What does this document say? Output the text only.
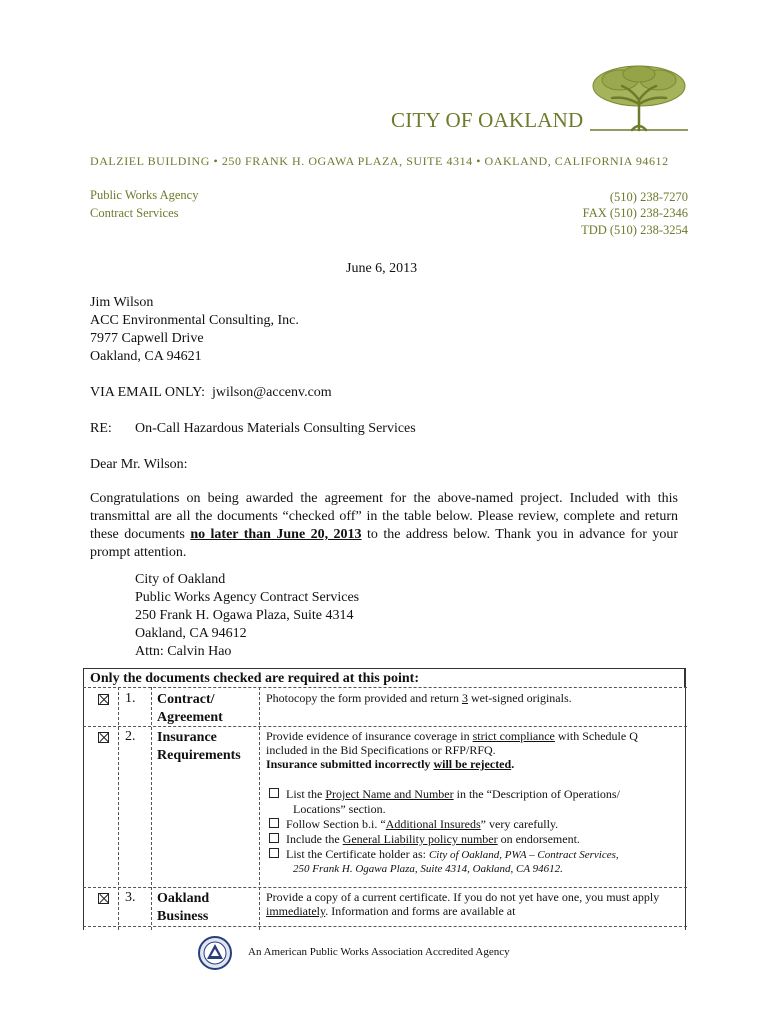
CITY OF OAKLAND
DALZIEL BUILDING • 250 FRANK H. OGAWA PLAZA, SUITE 4314 • OAKLAND, CALIFORNIA 94612
Public Works Agency
Contract Services
(510) 238-7270
FAX (510) 238-2346
TDD (510) 238-3254
June 6, 2013
Jim Wilson
ACC Environmental Consulting, Inc.
7977 Capwell Drive
Oakland, CA 94621
VIA EMAIL ONLY: jwilson@accenv.com
RE: On-Call Hazardous Materials Consulting Services
Dear Mr. Wilson:
Congratulations on being awarded the agreement for the above-named project. Included with this transmittal are all the documents “checked off” in the table below. Please review, complete and return these documents no later than June 20, 2013 to the address below. Thank you in advance for your prompt attention.
City of Oakland
Public Works Agency Contract Services
250 Frank H. Ogawa Plaza, Suite 4314
Oakland, CA 94612
Attn: Calvin Hao
Only the documents checked are required at this point:
1. Contract/
Agreement
Photocopy the form provided and return 3 wet-signed originals.
2. Insurance
Requirements
Provide evidence of insurance coverage in strict compliance with Schedule Q included in the Bid Specifications or RFP/RFQ.
Insurance submitted incorrectly will be rejected.
List the Project Name and Number in the “Description of Operations/
Locations” section.
Follow Section b.i. “Additional Insureds” very carefully.
Include the General Liability policy number on endorsement.
List the Certificate holder as: City of Oakland, PWA – Contract Services,
250 Frank H. Ogawa Plaza, Suite 4314, Oakland, CA 94612.
3. Oakland
Business
Provide a copy of a current certificate. If you do not yet have one, you must apply immediately. Information and forms are available at
An American Public Works Association Accredited Agency
